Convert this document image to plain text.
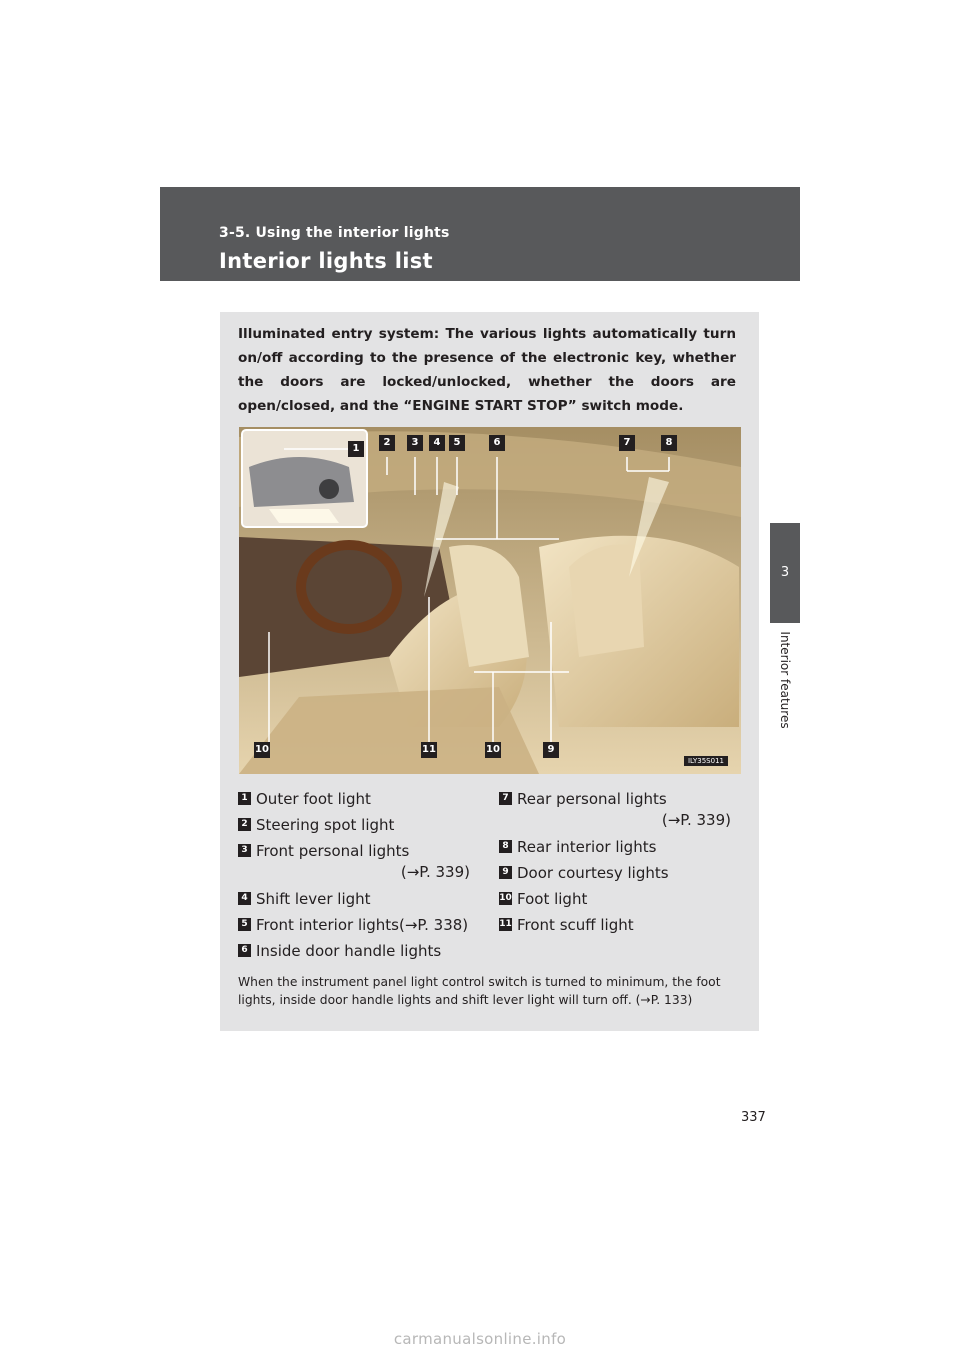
3-5. Using the interior lights
Interior lights list
3
Interior features
Illuminated entry system: The various lights automatically turn on/off according to the presence of the electronic key, whether the doors are locked/unlocked, whether the doors are open/closed, and the “ENGINE START STOP” switch mode.
1
2	3	4	5	6	7	8
9
10	11	10
ILY35S011
1 Outer foot light
2 Steering spot light
3 Front personal lights
(→P. 339)
4 Shift lever light
5 Front interior lights(→P. 338)
6 Inside door handle lights
7 Rear personal lights
(→P. 339)
8 Rear interior lights
9 Door courtesy lights
10 Foot light
11 Front scuff light
When the instrument panel light control switch is turned to minimum, the foot lights, inside door handle lights and shift lever light will turn off. (→P. 133)
337
carmanualsonline.info
